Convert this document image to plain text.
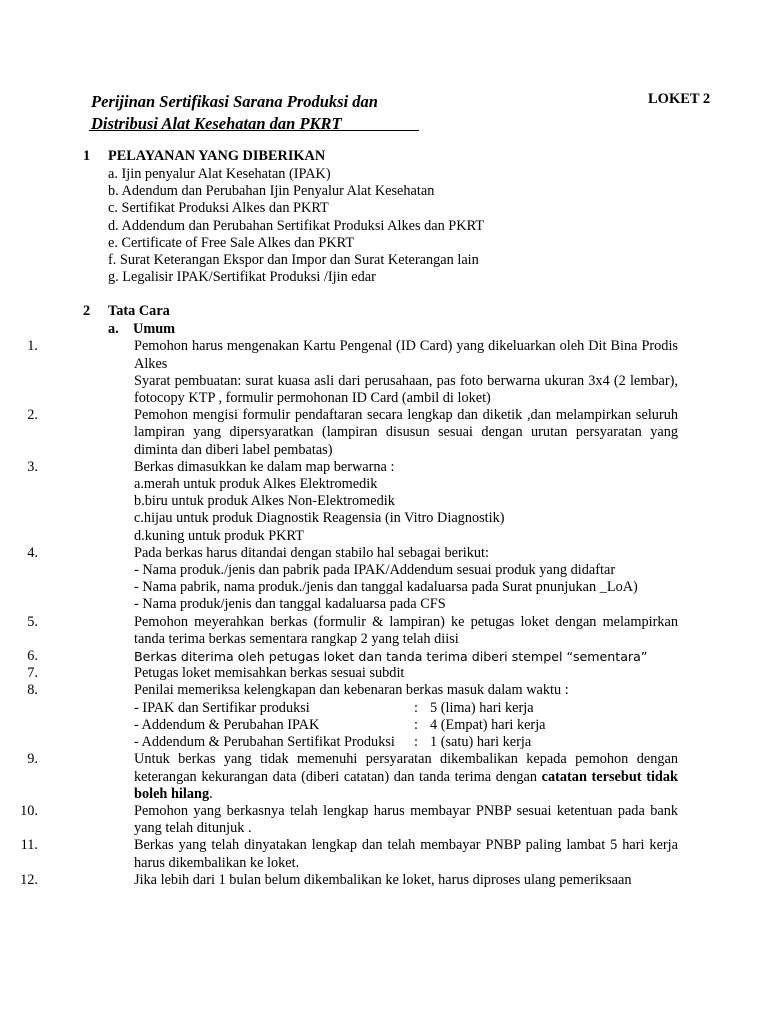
Perijinan Sertifikasi Sarana Produksi dan
Distribusi Alat Kesehatan dan PKRT
LOKET 2
1 PELAYANAN YANG DIBERIKAN
a. Ijin penyalur Alat Kesehatan (IPAK)
b. Adendum dan Perubahan Ijin Penyalur Alat Kesehatan
c. Sertifikat Produksi Alkes dan PKRT
d. Addendum dan Perubahan Sertifikat Produksi Alkes dan PKRT
e. Certificate of Free Sale Alkes dan PKRT
f. Surat Keterangan Ekspor dan Impor dan Surat Keterangan lain
g. Legalisir IPAK/Sertifikat Produksi /Ijin edar
2 Tata Cara
a. Umum
1.	Pemohon harus mengenakan Kartu Pengenal (ID Card) yang dikeluarkan oleh Dit Bina Prodis Alkes
Syarat pembuatan: surat kuasa asli dari perusahaan, pas foto berwarna ukuran 3x4 (2 lembar), fotocopy KTP , formulir permohonan ID Card (ambil di loket)
2.	Pemohon mengisi formulir pendaftaran secara lengkap dan diketik ,dan melampirkan seluruh lampiran yang dipersyaratkan (lampiran disusun sesuai dengan urutan persyaratan yang diminta dan diberi label pembatas)
3.	Berkas dimasukkan ke dalam map berwarna :
a.merah untuk produk Alkes Elektromedik
b.biru untuk produk Alkes Non-Elektromedik
c.hijau untuk produk Diagnostik Reagensia (in Vitro Diagnostik)
d.kuning untuk produk PKRT
4.	Pada berkas harus ditandai dengan stabilo hal sebagai berikut:
- Nama produk./jenis dan pabrik pada IPAK/Addendum sesuai produk yang didaftar
- Nama pabrik, nama produk./jenis dan tanggal kadaluarsa pada Surat pnunjukan _LoA)
- Nama produk/jenis dan tanggal kadaluarsa pada CFS
5.	Pemohon meyerahkan berkas (formulir & lampiran) ke petugas loket dengan melampirkan tanda terima berkas sementara rangkap 2 yang telah diisi
6.	Berkas diterima oleh petugas loket dan tanda terima diberi stempel “sementara”
7.	Petugas loket memisahkan berkas sesuai subdit
8.	Penilai memeriksa kelengkapan dan kebenaran berkas masuk dalam waktu :
- IPAK dan Sertifikar produksi	: 5 (lima) hari kerja
- Addendum & Perubahan IPAK	: 4 (Empat) hari kerja
- Addendum & Perubahan Sertifikat Produksi	: 1 (satu) hari kerja
9.	Untuk berkas yang tidak memenuhi persyaratan dikembalikan kepada pemohon dengan keterangan kekurangan data (diberi catatan) dan tanda terima dengan catatan tersebut tidak boleh hilang.
10.	Pemohon yang berkasnya telah lengkap harus membayar PNBP sesuai ketentuan pada bank yang telah ditunjuk .
11.	Berkas yang telah dinyatakan lengkap dan telah membayar PNBP paling lambat 5 hari kerja harus dikembalikan ke loket.
12.	Jika lebih dari 1 bulan belum dikembalikan ke loket, harus diproses ulang pemeriksaan
